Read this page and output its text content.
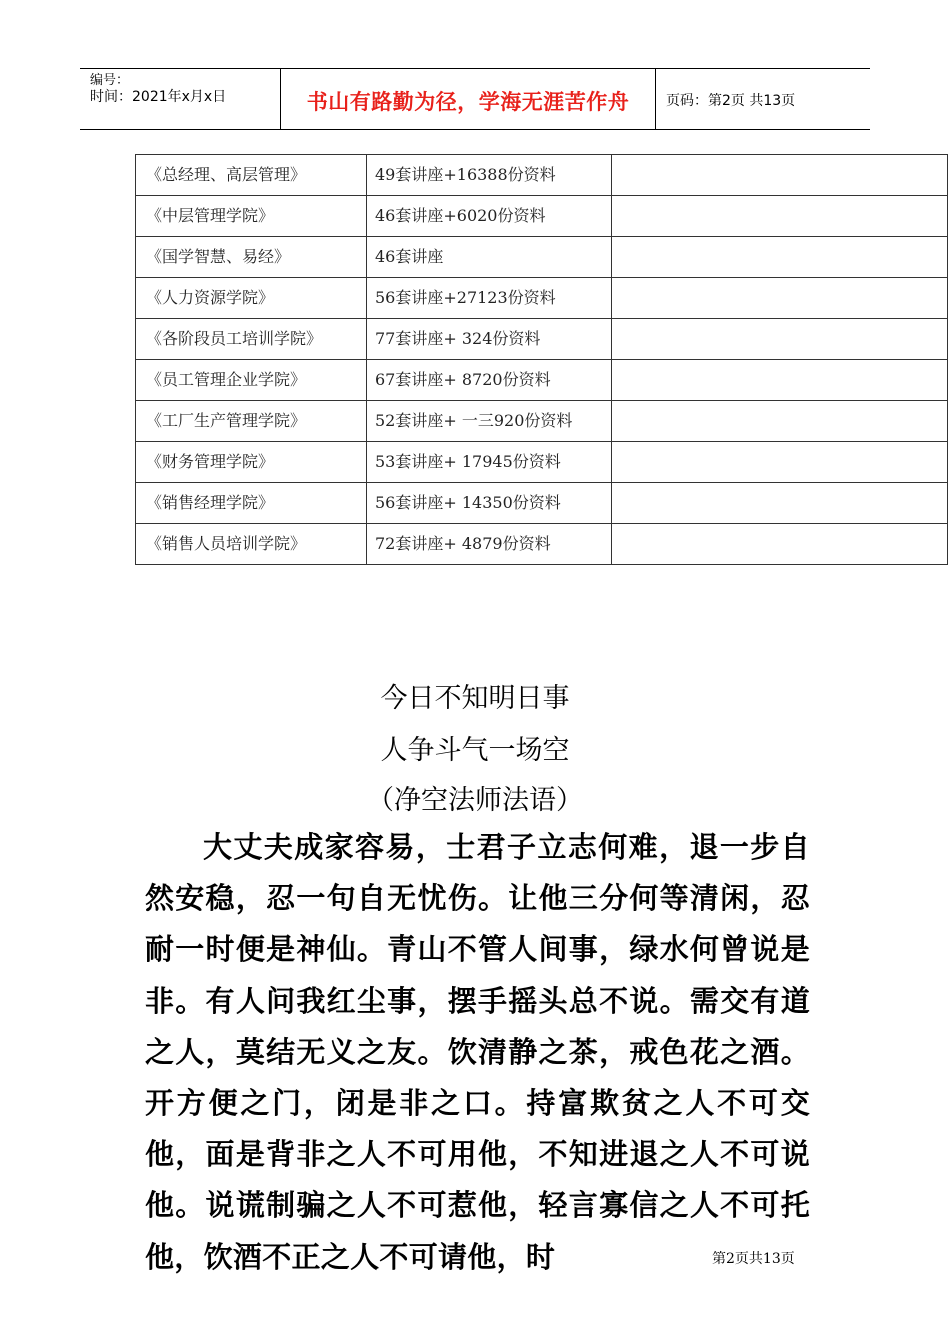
编号：
时间：2021年x月x日	书山有路勤为径，学海无涯苦作舟	页码：第2页 共13页
《总经理、高层管理》	49套讲座+16388份资料	
《中层管理学院》	46套讲座+6020份资料	
《国学智慧、易经》	46套讲座	
《人力资源学院》	56套讲座+27123份资料	
《各阶段员工培训学院》	77套讲座+ 324份资料	
《员工管理企业学院》	67套讲座+ 8720份资料	
《工厂生产管理学院》	52套讲座+ 一三920份资料	
《财务管理学院》	53套讲座+ 17945份资料	
《销售经理学院》	56套讲座+ 14350份资料	
《销售人员培训学院》	72套讲座+ 4879份资料	
今日不知明日事
人争斗气一场空
（净空法师法语）
大丈夫成家容易，士君子立志何难，退一步自然安稳，忍一句自无忧伤。让他三分何等清闲，忍耐一时便是神仙。青山不管人间事，绿水何曾说是非。有人问我红尘事，摆手摇头总不说。需交有道之人，莫结无义之友。饮清静之茶，戒色花之酒。开方便之门，闭是非之口。持富欺贫之人不可交他，面是背非之人不可用他，不知进退之人不可说他。说谎制骗之人不可惹他，轻言寡信之人不可托他，饮酒不正之人不可请他，时	第2页共13页
